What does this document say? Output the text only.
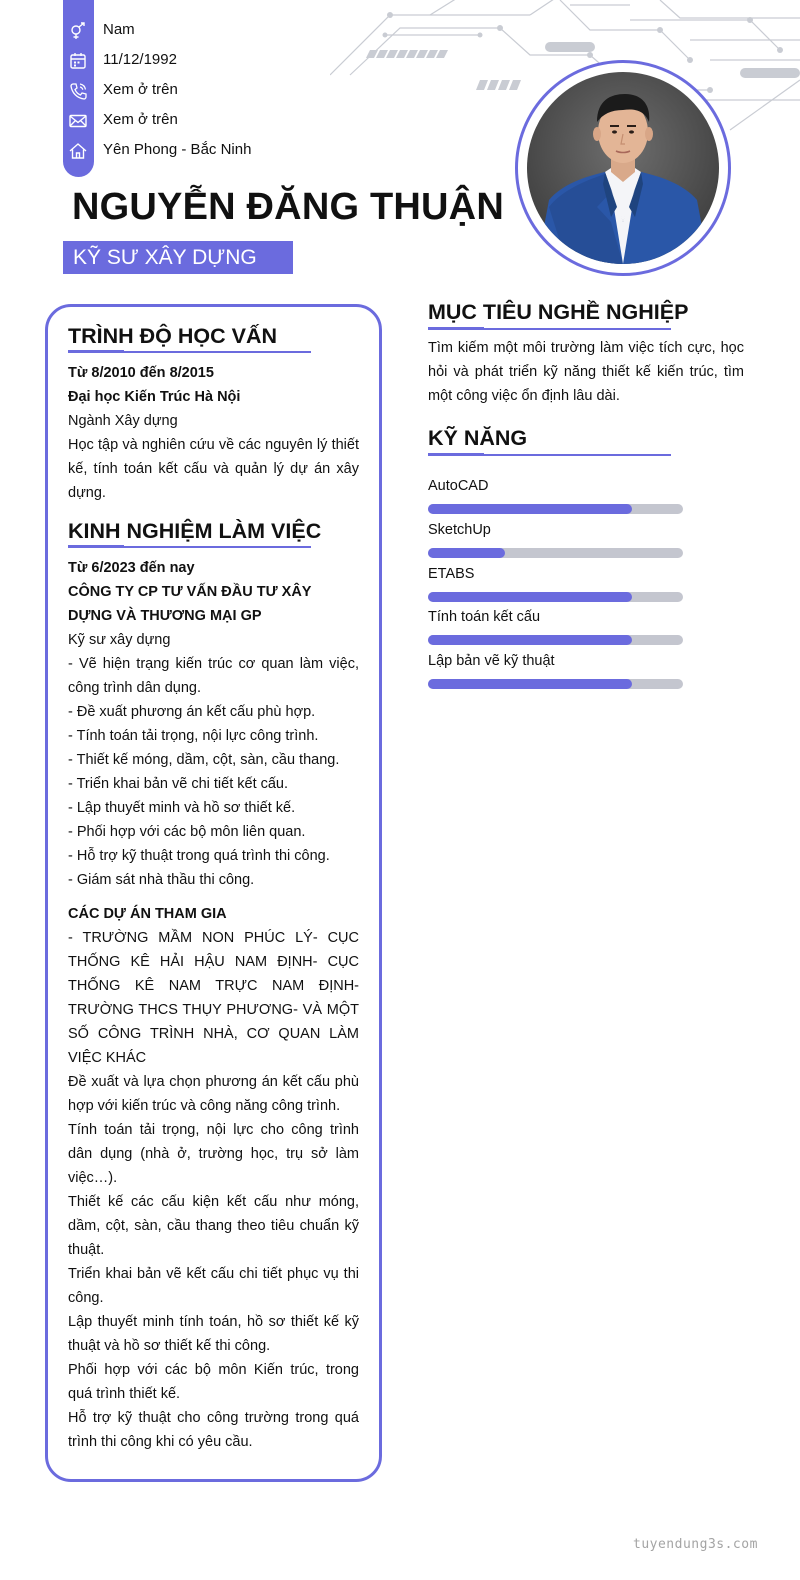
Nam
11/12/1992
Xem ở trên
Xem ở trên
Yên Phong - Bắc Ninh
NGUYỄN ĐĂNG THUẬN
KỸ SƯ XÂY DỰNG
TRÌNH ĐỘ HỌC VẤN
Từ 8/2010 đến 8/2015
Đại học Kiến Trúc Hà Nội
Ngành Xây dựng
Học tập và nghiên cứu về các nguyên lý thiết kế, tính toán kết cấu và quản lý dự án xây dựng.
KINH NGHIỆM LÀM VIỆC
Từ 6/2023 đến nay
CÔNG TY CP TƯ VẤN ĐẦU TƯ XÂY DỰNG VÀ THƯƠNG MẠI GP
Kỹ sư xây dựng
- Vẽ hiện trạng kiến trúc cơ quan làm việc, công trình dân dụng.
- Đề xuất phương án kết cấu phù hợp.
- Tính toán tải trọng, nội lực công trình.
- Thiết kế móng, dầm, cột, sàn, cầu thang.
- Triển khai bản vẽ chi tiết kết cấu.
- Lập thuyết minh và hồ sơ thiết kế.
- Phối hợp với các bộ môn liên quan.
- Hỗ trợ kỹ thuật trong quá trình thi công.
- Giám sát nhà thầu thi công.
CÁC DỰ ÁN THAM GIA
- TRƯỜNG MẦM NON PHÚC LÝ- CỤC THỐNG KÊ HẢI HẬU NAM ĐỊNH- CỤC THỐNG KÊ NAM TRỰC NAM ĐỊNH- TRƯỜNG THCS THỤY PHƯƠNG- VÀ MỘT SỐ CÔNG TRÌNH NHÀ, CƠ QUAN LÀM VIỆC KHÁC
Đề xuất và lựa chọn phương án kết cấu phù hợp với kiến trúc và công năng công trình.
Tính toán tải trọng, nội lực cho công trình dân dụng (nhà ở, trường học, trụ sở làm việc…).
Thiết kế các cấu kiện kết cấu như móng, dầm, cột, sàn, cầu thang theo tiêu chuẩn kỹ thuật.
Triển khai bản vẽ kết cấu chi tiết phục vụ thi công.
Lập thuyết minh tính toán, hồ sơ thiết kế kỹ thuật và hồ sơ thiết kế thi công.
Phối hợp với các bộ môn Kiến trúc, trong quá trình thiết kế.
Hỗ trợ kỹ thuật cho công trường trong quá trình thi công khi có yêu cầu.
MỤC TIÊU NGHỀ NGHIỆP
Tìm kiếm một môi trường làm việc tích cực, học hỏi và phát triển kỹ năng thiết kế kiến trúc, tìm một công việc ổn định lâu dài.
KỸ NĂNG
AutoCAD
SketchUp
ETABS
Tính toán kết cấu
Lập bản vẽ kỹ thuật
tuyendung3s.com
